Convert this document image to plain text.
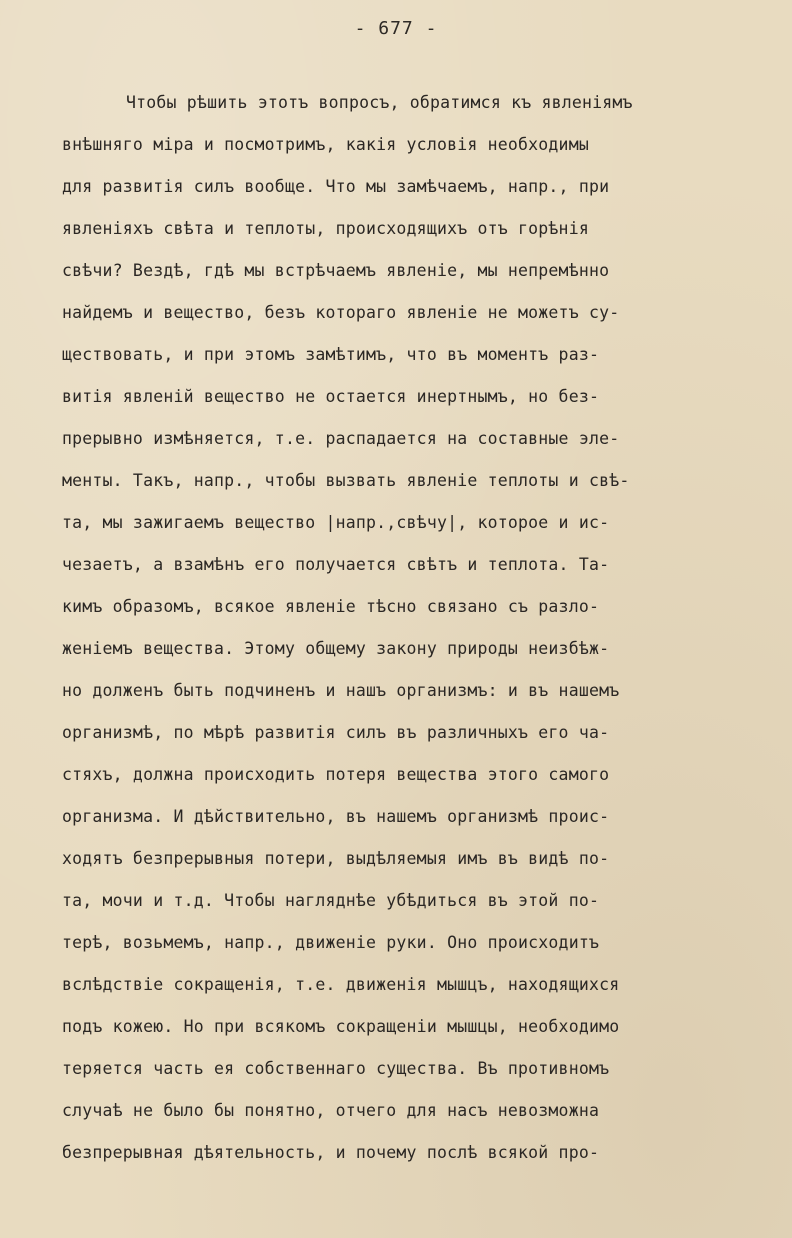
- 677 -
Чтобы рѣшить этотъ вопросъ, обратимся къ явленіямъ
внѣшняго міра и посмотримъ, какія условія необходимы
для развитія силъ вообще. Что мы замѣчаемъ, напр., при
явленіяхъ свѣта и теплоты, происходящихъ отъ горѣнія
свѣчи? Вездѣ, гдѣ мы встрѣчаемъ явленіе, мы непремѣнно
найдемъ и вещество, безъ котораго явленіе не можетъ су-
ществовать, и при этомъ замѣтимъ, что въ моментъ раз-
витія явленій вещество не остается инертнымъ, но без-
прерывно измѣняется, т.е. распадается на составные эле-
менты. Такъ, напр., чтобы вызвать явленіе теплоты и свѣ-
та, мы зажигаемъ вещество |напр.,свѣчу|, которое и ис-
чезаетъ, а взамѣнъ его получается свѣтъ и теплота. Та-
кимъ образомъ, всякое явленіе тѣсно связано съ разло-
женіемъ вещества. Этому общему закону природы неизбѣж-
но долженъ быть подчиненъ и нашъ организмъ: и въ нашемъ
организмѣ, по мѣрѣ развитія силъ въ различныхъ его ча-
стяхъ, должна происходить потеря вещества этого самого
организма. И дѣйствительно, въ нашемъ организмѣ проис-
ходятъ безпрерывныя потери, выдѣляемыя имъ въ видѣ по-
та, мочи и т.д. Чтобы нагляднѣе убѣдиться въ этой по-
терѣ, возьмемъ, напр., движеніе руки. Оно происходитъ
вслѣдствіе сокращенія, т.е. движенія мышцъ, находящихся
подъ кожею. Но при всякомъ сокращеніи мышцы, необходимо
теряется часть ея собственнаго существа. Въ противномъ
случаѣ не было бы понятно, отчего для насъ невозможна
безпрерывная дѣятельность, и почему послѣ всякой про-
